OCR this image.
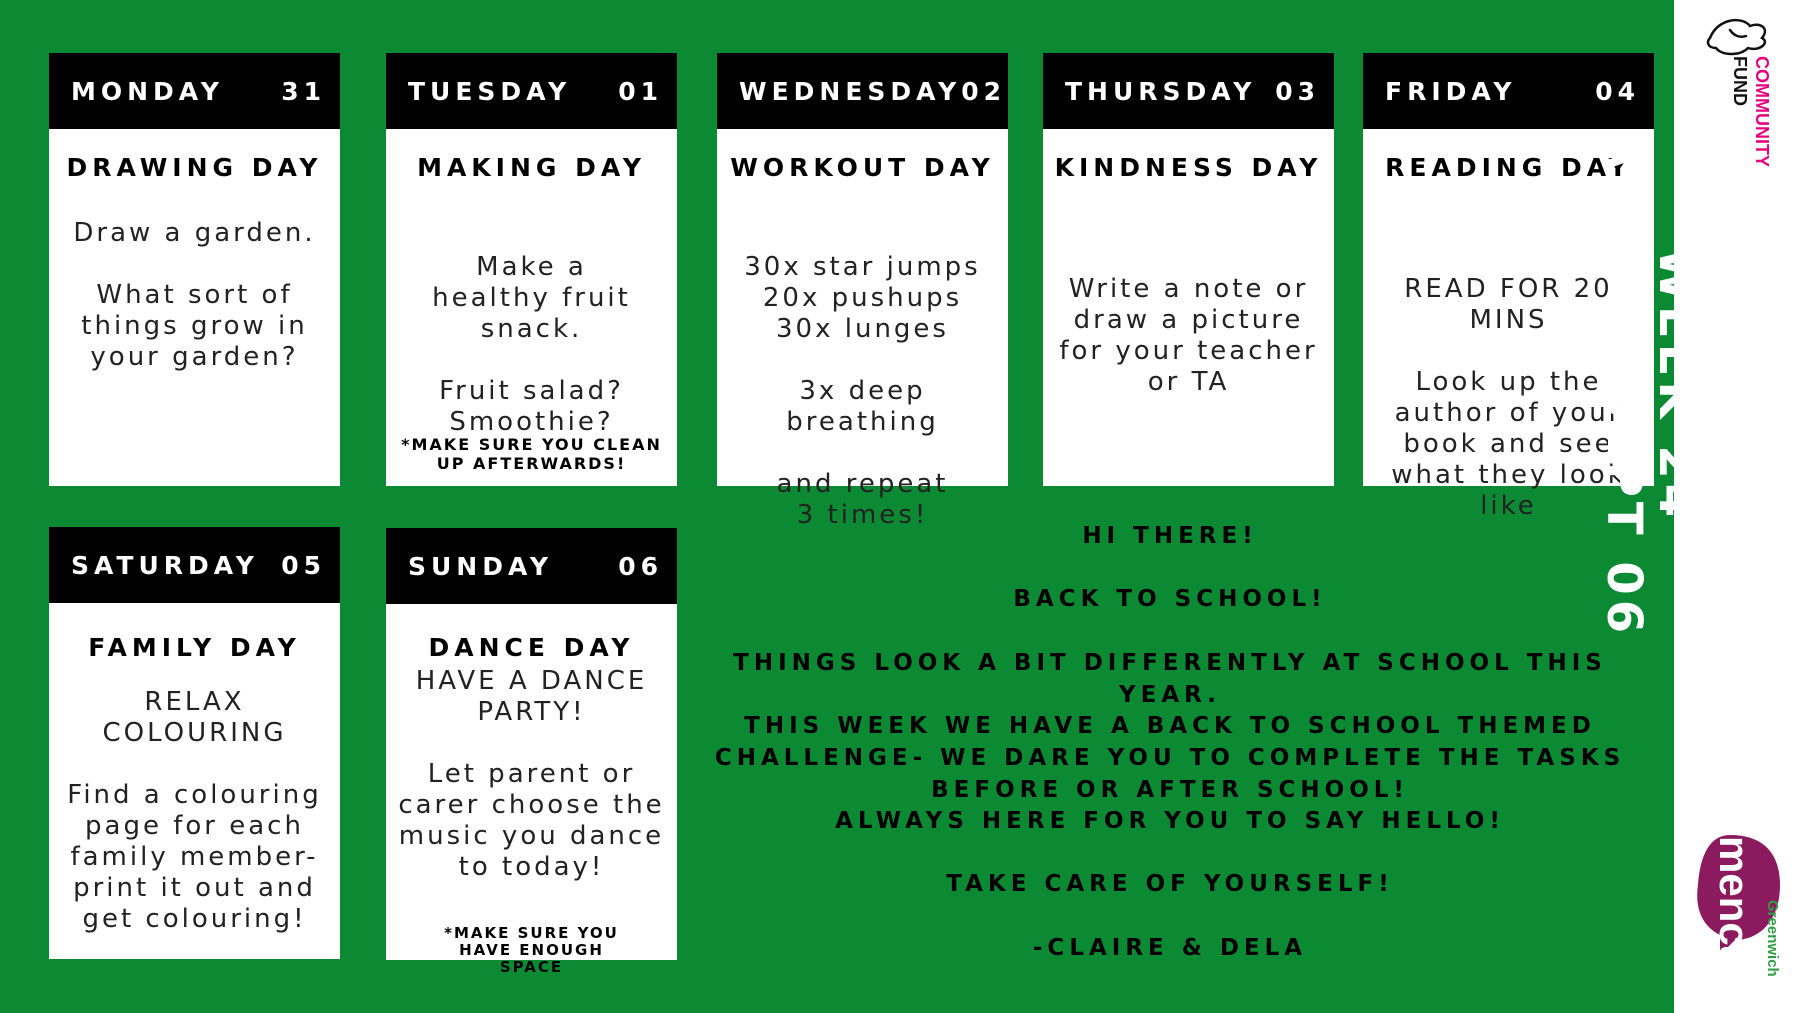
MONDAY 31
DRAWING DAY

Draw a garden.

What sort of things grow in your garden?

TUESDAY 01
MAKING DAY

Make a healthy fruit snack.

Fruit salad? Smoothie?

*MAKE SURE YOU CLEAN UP AFTERWARDS!
WEDNESDAY 02
WORKOUT DAY

30x star jumps

20x pushups

30x lunges

3x deep breathing

and repeat

3 times!

THURSDAY 03
KINDNESS DAY

Write a note or draw a picture for your teacher or TA

FRIDAY	04
READING DAY

READ FOR 20 MINS

Look up the author of your book and see what they look like

SATURDAY 05
FAMILY DAY

RELAX COLOURING

Find a colouring page for each family member- print it out and get colouring!

SUNDAY	06
DANCE DAY

HAVE A DANCE PARTY!

Let parent or carer choose the music you dance to today!

*MAKE SURE YOU HAVE ENOUGH SPACE
HI THERE!
BACK TO SCHOOL!
THINGS LOOK A BIT DIFFERENTLY AT SCHOOL THIS YEAR.
THIS WEEK WE HAVE A BACK TO SCHOOL THEMED CHALLENGE- WE DARE YOU TO COMPLETE THE TASKS BEFORE OR AFTER SCHOOL!
ALWAYS HERE FOR YOU TO SAY HELLO!
TAKE CARE OF YOURSELF!
-CLAIRE & DELA
WEEK 24
AUG 31-SEPT 06
COMMUNITY
FUND
mencap Greenwich
